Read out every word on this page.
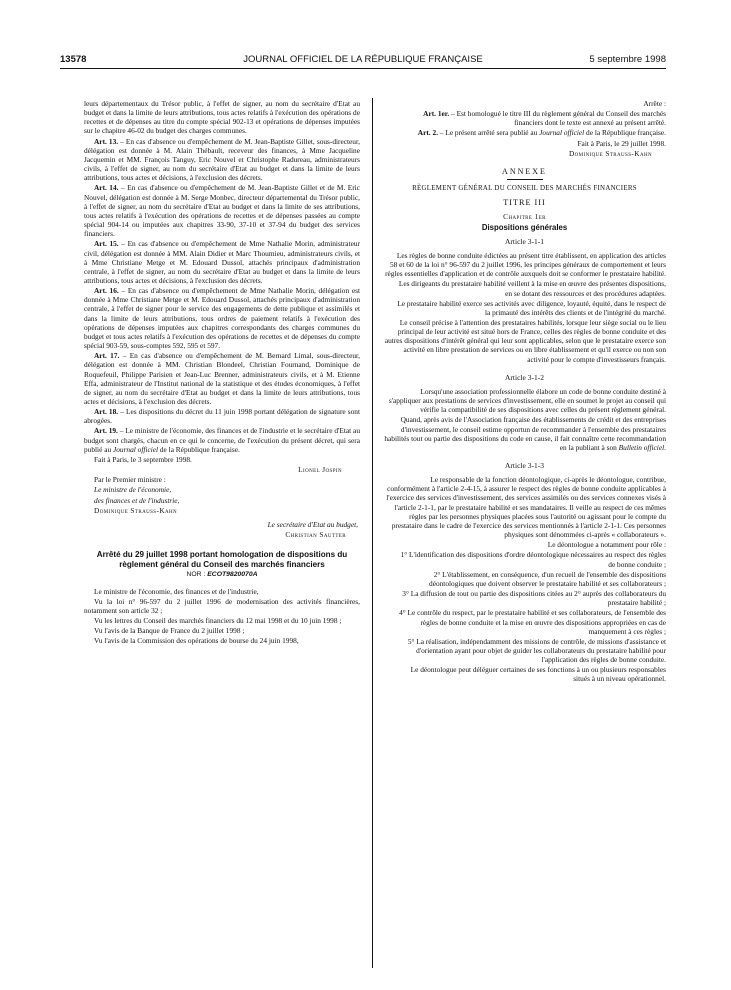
13578	JOURNAL OFFICIEL DE LA RÉPUBLIQUE FRANÇAISE	5 septembre 1998

leurs départementaux du Trésor public, à l'effet de signer, au nom du secrétaire d'Etat au budget et dans la limite de leurs attributions, tous actes relatifs à l'exécution des opérations de recettes et de dépenses au titre du compte spécial 902-13 et opérations de dépenses imputées sur le chapitre 46-02 du budget des charges communes.

Art. 13. – En cas d'absence ou d'empêchement de M. Jean-Baptiste Gillet, sous-directeur, délégation est donnée à M. Alain Thébault, receveur des finances, à Mme Jacqueline Jacquemin et MM. François Tanguy, Eric Nouvel et Christophe Radureau, administrateurs civils, à l'effet de signer, au nom du secrétaire d'Etat au budget et dans la limite de leurs attributions, tous actes et décisions, à l'exclusion des décrets.

Art. 14. – En cas d'absence ou d'empêchement de M. Jean-Baptiste Gillet et de M. Eric Nouvel, délégation est donnée à M. Serge Monbec, directeur départemental du Trésor public, à l'effet de signer, au nom du secrétaire d'Etat au budget et dans la limite de ses attributions, tous actes relatifs à l'exécution des opérations de recettes et de dépenses passées au compte spécial 904-14 ou imputées aux chapitres 33-90, 37-10 et 37-94 du budget des services financiers.

Art. 15. – En cas d'absence ou d'empêchement de Mme Nathalie Morin, administrateur civil, délégation est donnée à MM. Alain Didier et Marc Thoumieu, administrateurs civils, et à Mme Christiane Metge et M. Edouard Dussol, attachés principaux d'administration centrale, à l'effet de signer, au nom du secrétaire d'Etat au budget et dans la limite de leurs attributions, tous actes et décisions, à l'exclusion des décrets.

Art. 16. – En cas d'absence ou d'empêchement de Mme Nathalie Morin, délégation est donnée à Mme Christiane Metge et M. Edouard Dussol, attachés principaux d'administration centrale, à l'effet de signer pour le service des engagements de dette publique et assimilés et dans la limite de leurs attributions, tous ordres de paiement relatifs à l'exécution des opérations de dépenses imputées aux chapitres correspondants des charges communes du budget et tous actes relatifs à l'exécution des opérations de recettes et de dépenses du compte spécial 903-59, sous-comptes 592, 595 et 597.

Art. 17. – En cas d'absence ou d'empêchement de M. Bernard Limal, sous-directeur, délégation est donnée à MM. Christian Blondeel, Christian Fournand, Dominique de Roquefeuil, Philippe Parisien et Jean-Luc Brenner, administrateurs civils, et à M. Etienne Effa, administrateur de l'Institut national de la statistique et des études économiques, à l'effet de signer, au nom du secrétaire d'Etat au budget et dans la limite de leurs attributions, tous actes et décisions, à l'exclusion des décrets.

Art. 18. – Les dispositions du décret du 11 juin 1998 portant délégation de signature sont abrogées.

Art. 19. – Le ministre de l'économie, des finances et de l'industrie et le secrétaire d'Etat au budget sont chargés, chacun en ce qui le concerne, de l'exécution du présent décret, qui sera publié au Journal officiel de la République française.

Fait à Paris, le 3 septembre 1998.

Lionel Jospin

Par le Premier ministre :

Le ministre de l'économie,

des finances et de l'industrie,

Dominique Strauss-Kahn

Le secrétaire d'Etat au budget,

Christian Sautter

Arrêté du 29 juillet 1998 portant homologation de dispositions du règlement général du Conseil des marchés financiers

NOR : ECOT9820070A

Le ministre de l'économie, des finances et de l'industrie,

Vu la loi n° 96-597 du 2 juillet 1996 de modernisation des activités financières, notamment son article 32 ;

Vu les lettres du Conseil des marchés financiers du 12 mai 1998 et du 10 juin 1998 ;

Vu l'avis de la Banque de France du 2 juillet 1998 ;

Vu l'avis de la Commission des opérations de bourse du 24 juin 1998,

Arrête :

Art. 1er. – Est homologué le titre III du règlement général du Conseil des marchés financiers dont le texte est annexé au présent arrêté.

Art. 2. – Le présent arrêté sera publié au Journal officiel de la République française.

Fait à Paris, le 29 juillet 1998.

Dominique Strauss-Kahn

ANNEXE

RÈGLEMENT GÉNÉRAL DU CONSEIL DES MARCHÉS FINANCIERS

TITRE III

Chapitre 1er

Dispositions générales

Article 3-1-1

Les règles de bonne conduite édictées au présent titre établissent, en application des articles 58 et 60 de la loi n° 96-597 du 2 juillet 1996, les principes généraux de comportement et leurs règles essentielles d'application et de contrôle auxquels doit se conformer le prestataire habilité.

Les dirigeants du prestataire habilité veillent à la mise en œuvre des présentes dispositions, en se dotant des ressources et des procédures adaptées.

Le prestataire habilité exerce ses activités avec diligence, loyauté, équité, dans le respect de la primauté des intérêts des clients et de l'intégrité du marché.

Le conseil précise à l'attention des prestataires habilités, lorsque leur siège social ou le lieu principal de leur activité est situé hors de France, celles des règles de bonne conduite et des autres dispositions d'intérêt général qui leur sont applicables, selon que le prestataire exerce son activité en libre prestation de services ou en libre établissement et qu'il exerce ou non son activité pour le compte d'investisseurs français.

Article 3-1-2

Lorsqu'une association professionnelle élabore un code de bonne conduite destiné à s'appliquer aux prestations de services d'investissement, elle en soumet le projet au conseil qui vérifie la compatibilité de ses dispositions avec celles du présent règlement général.

Quand, après avis de l'Association française des établissements de crédit et des entreprises d'investissement, le conseil estime opportun de recommander à l'ensemble des prestataires habilités tout ou partie des dispositions du code en cause, il fait connaître cette recommandation en la publiant à son Bulletin officiel.

Article 3-1-3

Le responsable de la fonction déontologique, ci-après le déontologue, contribue, conformément à l'article 2-4-15, à assurer le respect des règles de bonne conduite applicables à l'exercice des services d'investissement, des services assimilés ou des services connexes visés à l'article 2-1-1, par le prestataire habilité et ses mandataires. Il veille au respect de ces mêmes règles par les personnes physiques placées sous l'autorité ou agissant pour le compte du prestataire dans le cadre de l'exercice des services mentionnés à l'article 2-1-1. Ces personnes physiques sont dénommées ci-après « collaborateurs ».

Le déontologue a notamment pour rôle :

1° L'identification des dispositions d'ordre déontologique nécessaires au respect des règles de bonne conduite ;

2° L'établissement, en conséquence, d'un recueil de l'ensemble des dispositions déontologiques que doivent observer le prestataire habilité et ses collaborateurs ;

3° La diffusion de tout ou partie des dispositions citées au 2° auprès des collaborateurs du prestataire habilité ;

4° Le contrôle du respect, par le prestataire habilité et ses collaborateurs, de l'ensemble des règles de bonne conduite et la mise en œuvre des dispositions appropriées en cas de manquement à ces règles ;

5° La réalisation, indépendamment des missions de contrôle, de missions d'assistance et d'orientation ayant pour objet de guider les collaborateurs du prestataire habilité pour l'application des règles de bonne conduite.

Le déontologue peut déléguer certaines de ses fonctions à un ou plusieurs responsables situés à un niveau opérationnel.
